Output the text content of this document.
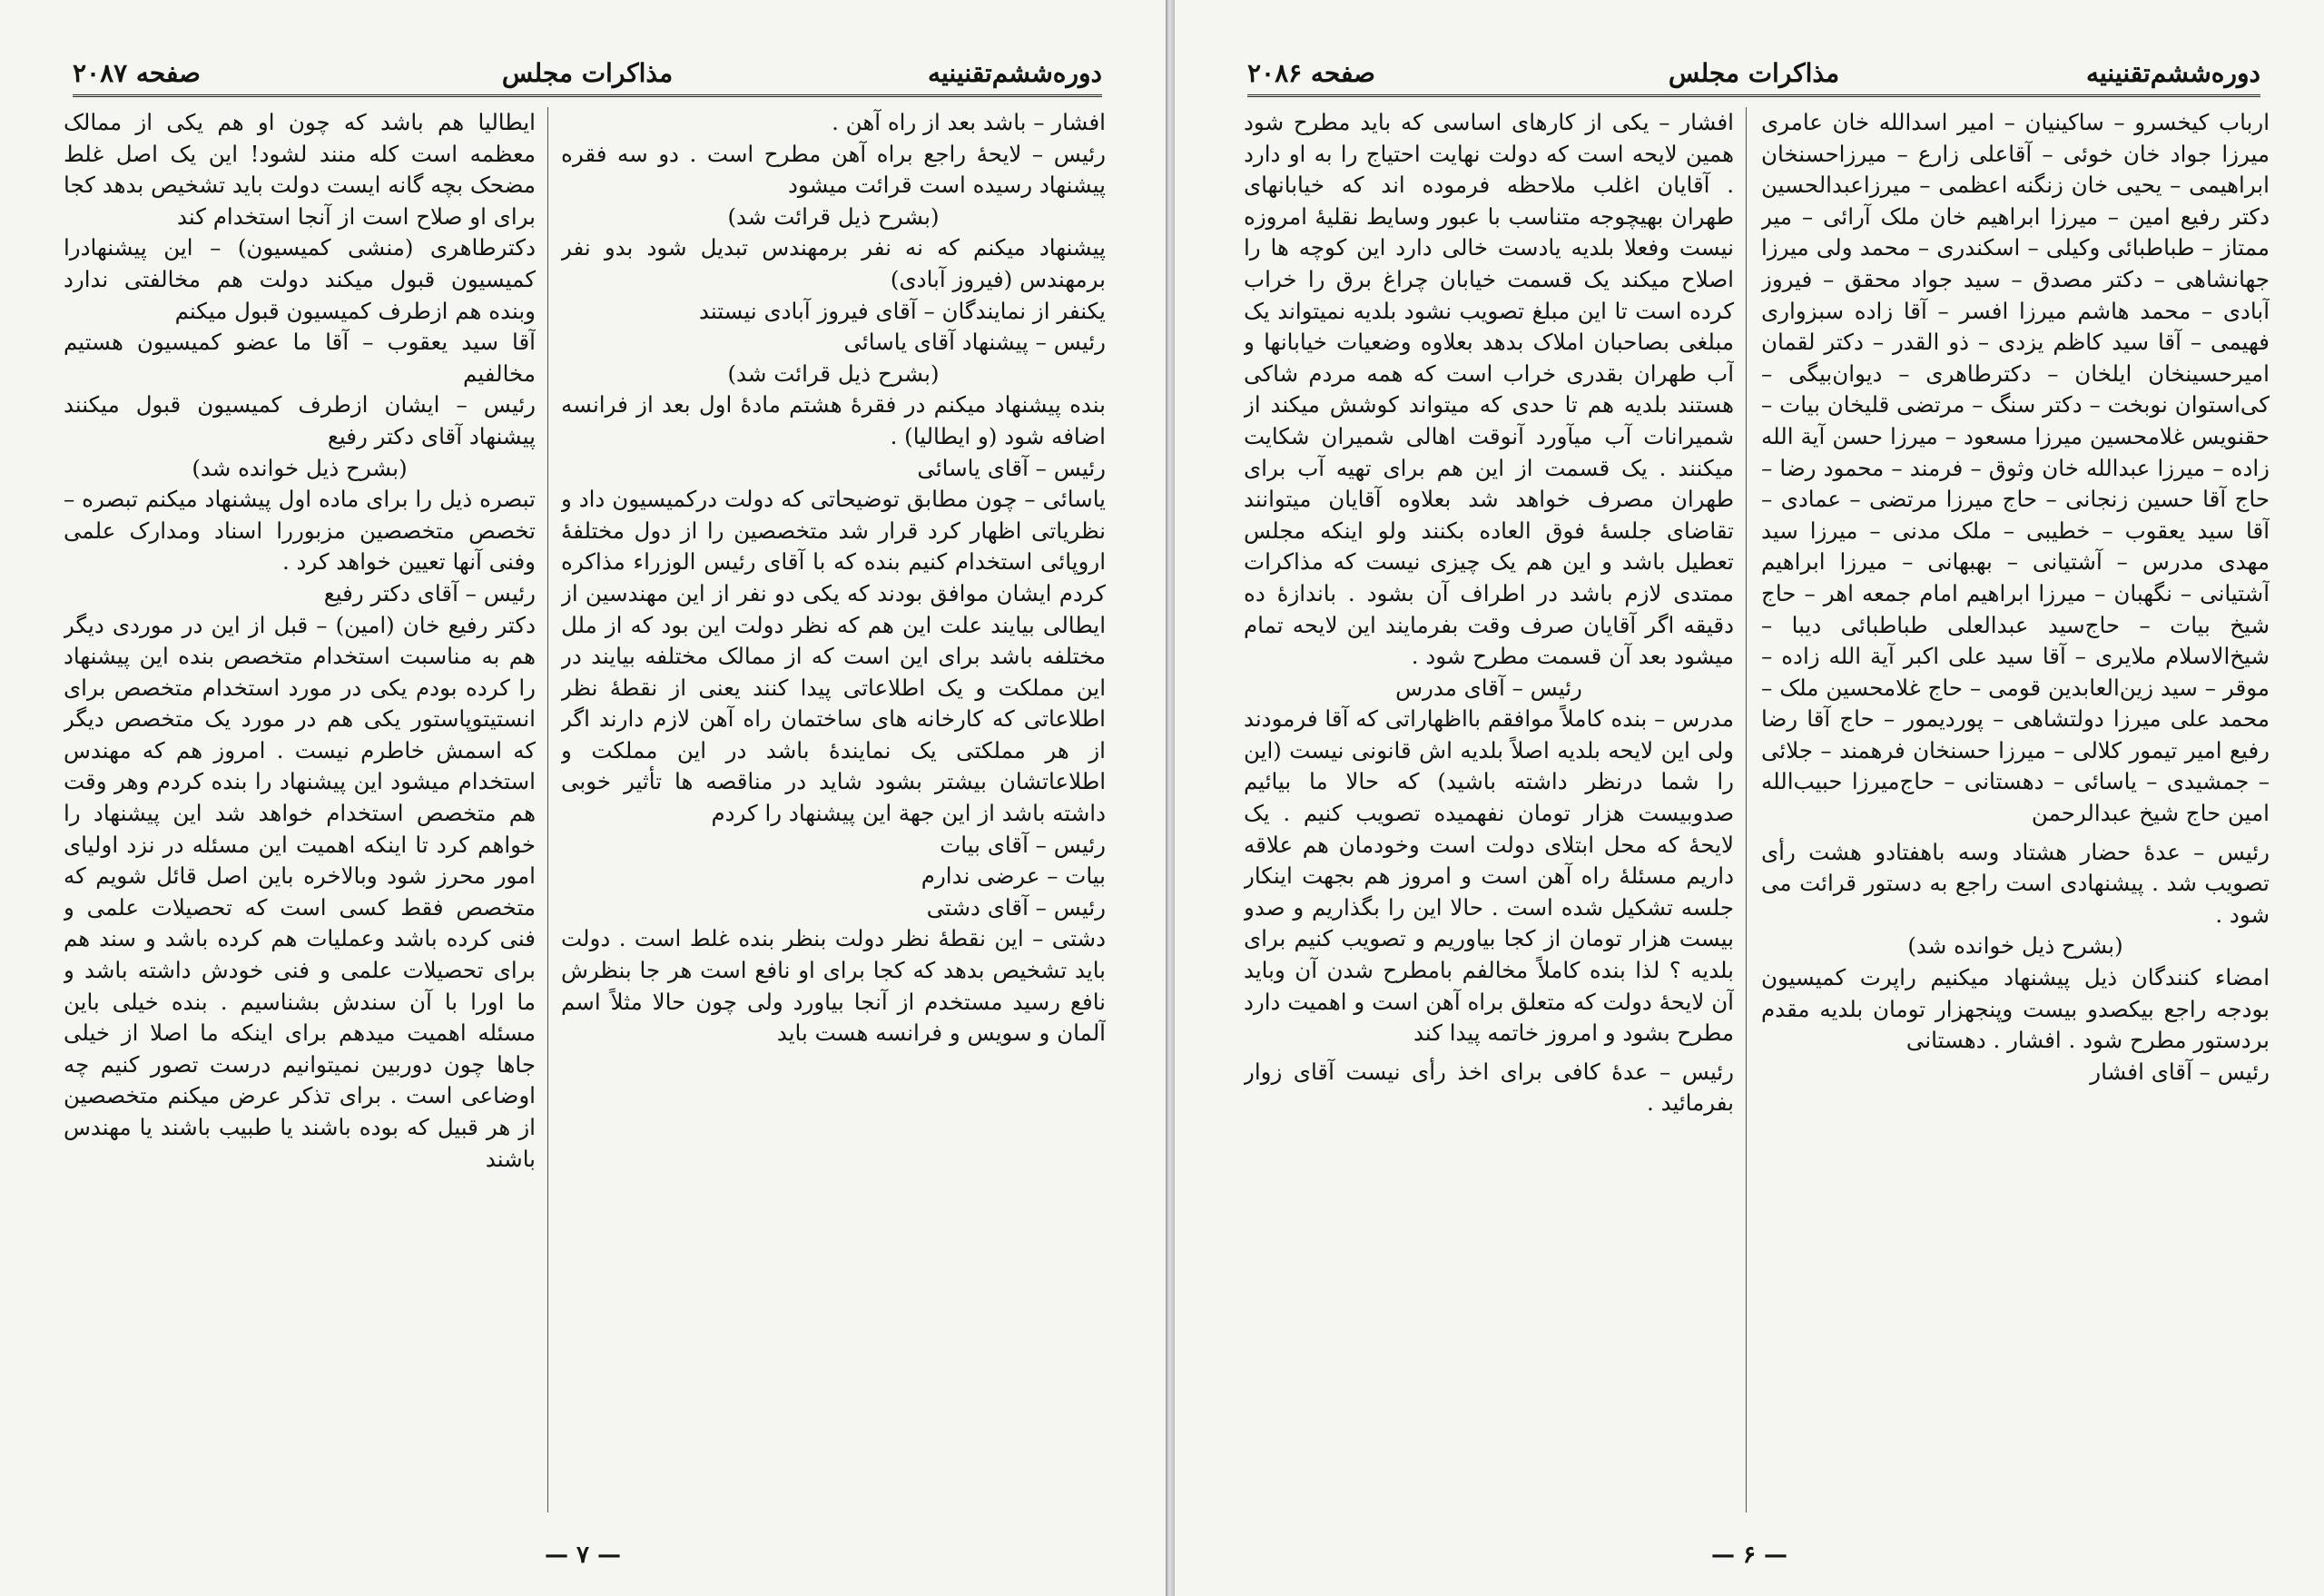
دوره‌ششم‌تقنینیه
مذاکرات مجلس
صفحه ۲۰۸۷

افشار – باشد بعد از راه آهن .

رئیس – لایحهٔ راجع براه آهن مطرح است . دو سه فقره پیشنهاد رسیده است قرائت میشود

(بشرح ذیل قرائت شد)

پیشنهاد میکنم که نه نفر برمهندس تبدیل شود بدو نفر برمهندس (فیروز آبادی)

یکنفر از نمایندگان – آقای فیروز آبادی نیستند

رئیس – پیشنهاد آقای یاسائی

(بشرح ذیل قرائت شد)

بنده پیشنهاد میکنم در فقرهٔ هشتم مادهٔ اول بعد از فرانسه اضافه شود (و ایطالیا) .

رئیس – آقای یاسائی

یاسائی – چون مطابق توضیحاتی که دولت درکمیسیون داد و نظریاتی اظهار کرد قرار شد متخصصین را از دول مختلفهٔ اروپائی استخدام کنیم بنده که با آقای رئیس الوزراء مذاکره کردم ایشان موافق بودند که یکی دو نفر از این مهندسین از ایطالی بیایند علت این هم که نظر دولت این بود که از ملل مختلفه باشد برای این است که از ممالک مختلفه بیایند در این مملکت و یک اطلاعاتی پیدا کنند یعنی از نقطهٔ نظر اطلاعاتی که کارخانه های ساختمان راه آهن لازم دارند اگر از هر مملکتی یک نمایندهٔ باشد در این مملکت و اطلاعاتشان بیشتر بشود شاید در مناقصه ها تأثیر خوبی داشته باشد از این جهة این پیشنهاد را کردم

رئیس – آقای بیات

بیات – عرضی ندارم

رئیس – آقای دشتی

دشتی – این نقطهٔ نظر دولت بنظر بنده غلط است . دولت باید تشخیص بدهد که کجا برای او نافع است هر جا بنظرش نافع رسید مستخدم از آنجا بیاورد ولی چون حالا مثلاً اسم آلمان و سویس و فرانسه هست باید

ایطالیا هم باشد که چون او هم یکی از ممالک معظمه است کله منند لشود! این یک اصل غلط مضحک بچه گانه ایست دولت باید تشخیص بدهد کجا برای او صلاح است از آنجا استخدام کند

دکترطاهری (منشی کمیسیون) – این پیشنهادرا کمیسیون قبول میکند دولت هم مخالفتی ندارد وبنده هم ازطرف کمیسیون قبول میکنم

آقا سید یعقوب – آقا ما عضو کمیسیون هستیم مخالفیم

رئیس – ایشان ازطرف کمیسیون قبول میکنند پیشنهاد آقای دکتر رفیع

(بشرح ذیل خوانده شد)

تبصره ذیل را برای ماده اول پیشنهاد میکنم تبصره – تخصص متخصصین مزبوررا اسناد ومدارک علمی وفنی آنها تعیین خواهد کرد .

رئیس – آقای دکتر رفیع

دکتر رفیع خان (امین) – قبل از این در موردی دیگر هم به مناسبت استخدام متخصص بنده این پیشنهاد را کرده بودم یکی در مورد استخدام متخصص برای انستیتوپاستور یکی هم در مورد یک متخصص دیگر که اسمش خاطرم نیست . امروز هم که مهندس استخدام میشود این پیشنهاد را بنده کردم وهر وقت هم متخصص استخدام خواهد شد این پیشنهاد را خواهم کرد تا اینکه اهمیت این مسئله در نزد اولیای امور محرز شود وبالاخره باین اصل قائل شویم که متخصص فقط کسی است که تحصیلات علمی و فنی کرده باشد وعملیات هم کرده باشد و سند هم برای تحصیلات علمی و فنی خودش داشته باشد و ما اورا با آن سندش بشناسیم . بنده خیلی باین مسئله اهمیت میدهم برای اینکه ما اصلا از خیلی جاها چون دوربین نمیتوانیم درست تصور کنیم چه اوضاعی است . برای تذکر عرض میکنم متخصصین از هر قبیل که بوده باشند یا طبیب باشند یا مهندس باشند

— ۷ —
دوره‌ششم‌تقنینیه
مذاکرات مجلس
صفحه ۲۰۸۶

ارباب کیخسرو – ساکینیان – امیر اسدالله خان عامری میرزا جواد خان خوئی – آقاعلی زارع – میرزاحسنخان ابراهیمی – یحیی خان زنگنه اعظمی – میرزاعبدالحسین دکتر رفیع امین – میرزا ابراهیم خان ملک آرائی – میر ممتاز – طباطبائی وکیلی – اسکندری – محمد ولی میرزا جهانشاهی – دکتر مصدق – سید جواد محقق – فیروز آبادی – محمد هاشم میرزا افسر – آقا زاده سبزواری فهیمی – آقا سید کاظم یزدی – ذو القدر – دکتر لقمان امیرحسینخان ایلخان – دکترطاهری – دیوان‌بیگی – کی‌استوان نوبخت – دکتر سنگ – مرتضی قلیخان بیات – حقنویس غلامحسین میرزا مسعود – میرزا حسن آیة الله زاده – میرزا عبدالله خان وثوق – فرمند – محمود رضا – حاج آقا حسین زنجانی – حاج میرزا مرتضی – عمادی – آقا سید یعقوب – خطیبی – ملک مدنی – میرزا سید مهدی مدرس – آشتیانی – بهبهانی – میرزا ابراهیم آشتیانی – نگهبان – میرزا ابراهیم امام جمعه اهر – حاج شیخ بیات – حاج‌سید عبدالعلی طباطبائی دیبا – شیخ‌الاسلام ملایری – آقا سید علی اکبر آیة الله زاده – موقر – سید زین‌العابدین قومی – حاج غلامحسین ملک – محمد علی میرزا دولتشاهی – پوردیمور – حاج آقا رضا رفیع امیر تیمور کلالی – میرزا حسنخان فرهمند – جلائی – جمشیدی – یاسائی – دهستانی – حاج‌میرزا حبیب‌الله امین حاج شیخ عبدالرحمن

رئیس – عدهٔ حضار هشتاد وسه باهفتادو هشت رأی تصویب شد . پیشنهادی است راجع به دستور قرائت می شود .

(بشرح ذیل خوانده شد)

امضاء کنندگان ذیل پیشنهاد میکنیم راپرت کمیسیون بودجه راجع بیکصدو بیست وپنجهزار تومان بلدیه مقدم بردستور مطرح شود . افشار . دهستانی

رئیس – آقای افشار

افشار – یکی از کارهای اساسی که باید مطرح شود همین لایحه است که دولت نهایت احتیاج را به او دارد . آقایان اغلب ملاحظه فرموده اند که خیابانهای طهران بهیچوجه متناسب با عبور وسایط نقلیهٔ امروزه نیست وفعلا بلدیه یادست خالی دارد این کوچه ها را اصلاح میکند یک قسمت خیابان چراغ برق را خراب کرده است تا این مبلغ تصویب نشود بلدیه نمیتواند یک مبلغی بصاحبان املاک بدهد بعلاوه وضعیات خیابانها و آب طهران بقدری خراب است که همه مردم شاکی هستند بلدیه هم تا حدی که میتواند کوشش میکند از شمیرانات آب میآورد آنوقت اهالی شمیران شکایت میکنند . یک قسمت از این هم برای تهیه آب برای طهران مصرف خواهد شد بعلاوه آقایان میتوانند تقاضای جلسهٔ فوق العاده بکنند ولو اینکه مجلس تعطیل باشد و این هم یک چیزی نیست که مذاکرات ممتدی لازم باشد در اطراف آن بشود . باندازهٔ ده دقیقه اگر آقایان صرف وقت بفرمایند این لایحه تمام میشود بعد آن قسمت مطرح شود .

رئیس – آقای مدرس

مدرس – بنده کاملاً موافقم بااظهاراتی که آقا فرمودند ولی این لایحه بلدیه اصلاً بلدیه اش قانونی نیست (این را شما درنظر داشته باشید) که حالا ما بیائیم صدوبیست هزار تومان نفهمیده تصویب کنیم . یک لایحهٔ که محل ابتلای دولت است وخودمان هم علاقه داریم مسئلهٔ راه آهن است و امروز هم بجهت اینکار جلسه تشکیل شده است . حالا این را بگذاریم و صدو بیست هزار تومان از کجا بیاوریم و تصویب کنیم برای بلدیه ؟ لذا بنده کاملاً مخالفم بامطرح شدن آن وباید آن لایحهٔ دولت که متعلق براه آهن است و اهمیت دارد مطرح بشود و امروز خاتمه پیدا کند

رئیس – عدهٔ کافی برای اخذ رأی نیست آقای زوار بفرمائید .

— ۶ —
